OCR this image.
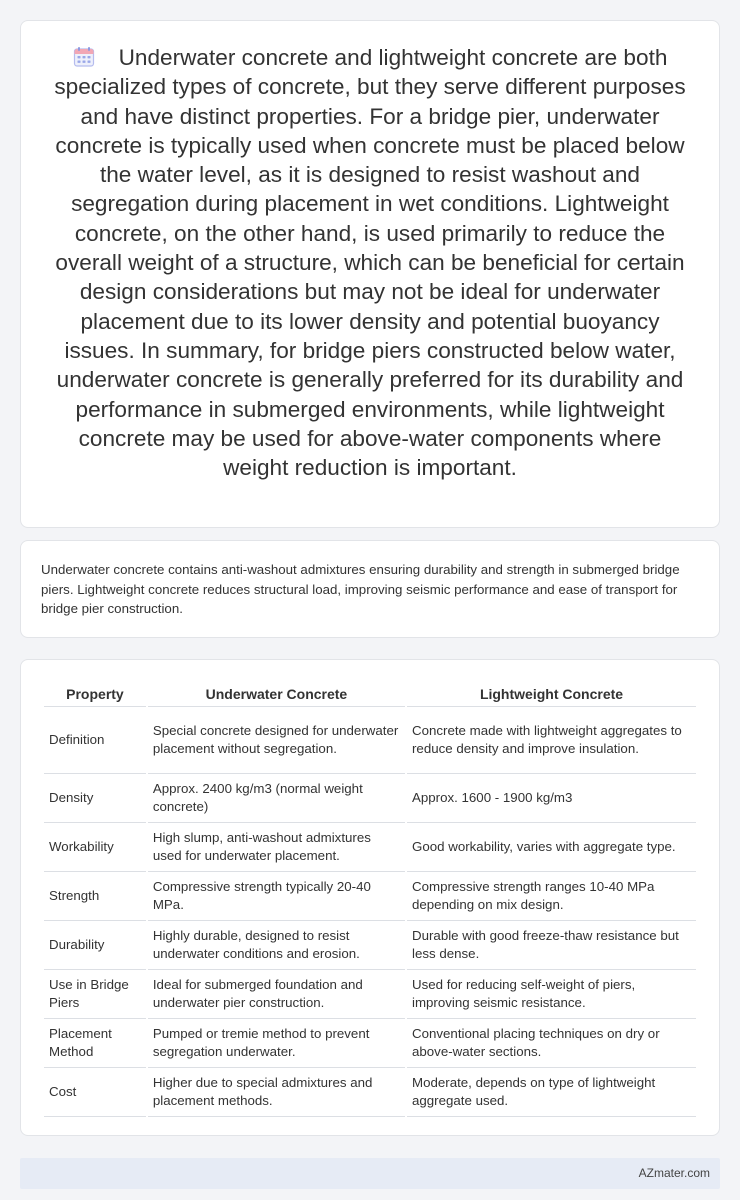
Underwater concrete and lightweight concrete are both specialized types of concrete, but they serve different purposes and have distinct properties. For a bridge pier, underwater concrete is typically used when concrete must be placed below the water level, as it is designed to resist washout and segregation during placement in wet conditions. Lightweight concrete, on the other hand, is used primarily to reduce the overall weight of a structure, which can be beneficial for certain design considerations but may not be ideal for underwater placement due to its lower density and potential buoyancy issues. In summary, for bridge piers constructed below water, underwater concrete is generally preferred for its durability and performance in submerged environments, while lightweight concrete may be used for above-water components where weight reduction is important.

Underwater concrete contains anti-washout admixtures ensuring durability and strength in submerged bridge piers. Lightweight concrete reduces structural load, improving seismic performance and ease of transport for bridge pier construction.

Property	Underwater Concrete	Lightweight Concrete
Definition	Special concrete designed for underwater placement without segregation.	Concrete made with lightweight aggregates to reduce density and improve insulation.
Density	Approx. 2400 kg/m3 (normal weight concrete)	Approx. 1600 - 1900 kg/m3
Workability	High slump, anti-washout admixtures used for underwater placement.	Good workability, varies with aggregate type.
Strength	Compressive strength typically 20-40 MPa.	Compressive strength ranges 10-40 MPa depending on mix design.
Durability	Highly durable, designed to resist underwater conditions and erosion.	Durable with good freeze-thaw resistance but less dense.
Use in Bridge Piers	Ideal for submerged foundation and underwater pier construction.	Used for reducing self-weight of piers, improving seismic resistance.
Placement Method	Pumped or tremie method to prevent segregation underwater.	Conventional placing techniques on dry or above-water sections.
Cost	Higher due to special admixtures and placement methods.	Moderate, depends on type of lightweight aggregate used.
AZmater.com
